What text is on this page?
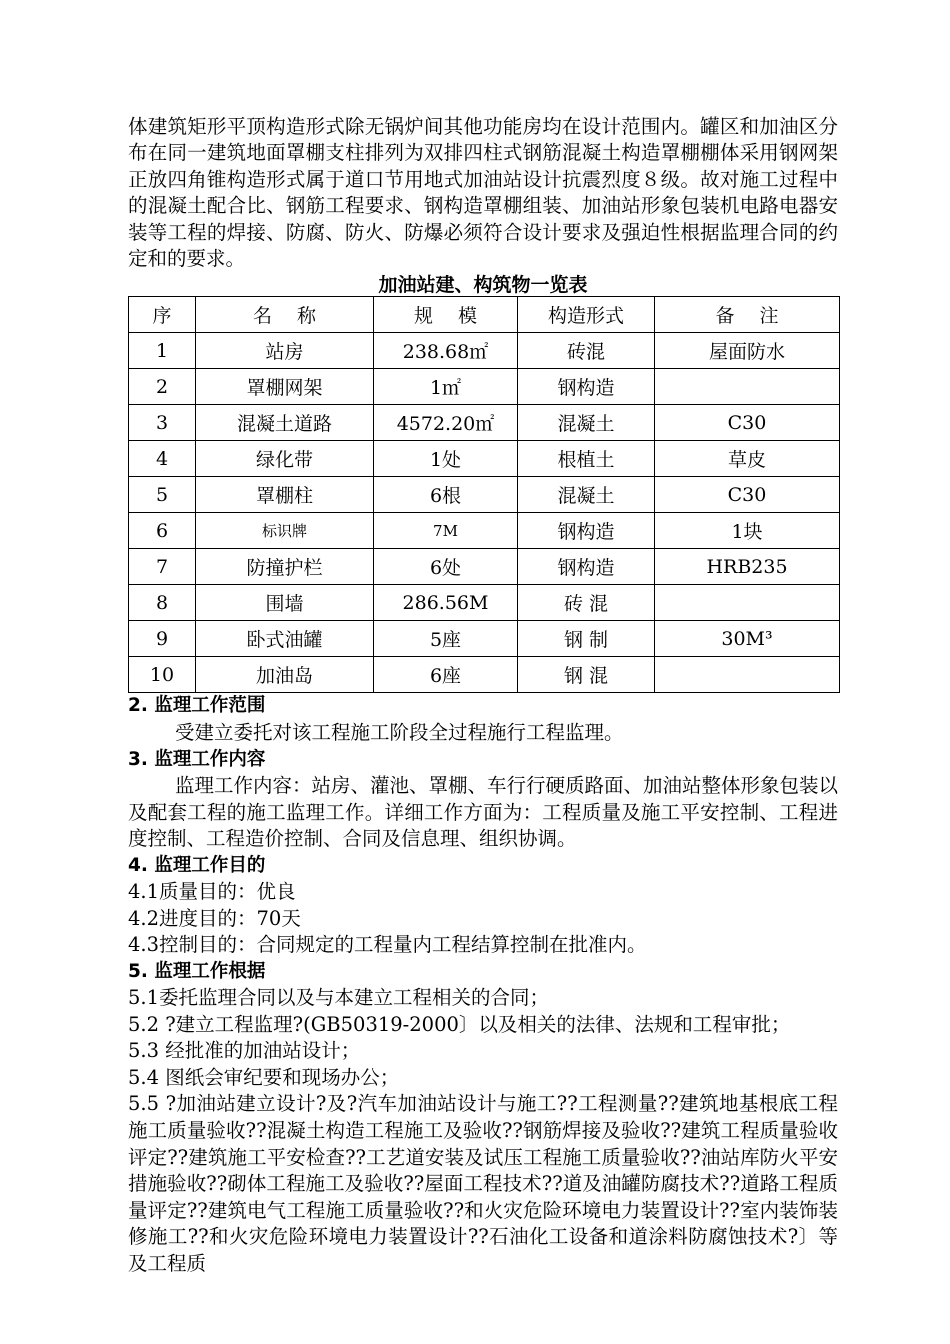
体建筑矩形平顶构造形式除无锅炉间其他功能房均在设计范围内。罐区和加油区分布在同一建筑地面罩棚支柱排列为双排四柱式钢筋混凝土构造罩棚棚体采用钢网架正放四角锥构造形式属于道口节用地式加油站设计抗震烈度８级。故对施工过程中的混凝土配合比、钢筋工程要求、钢构造罩棚组装、加油站形象包装机电路电器安装等工程的焊接、防腐、防火、防爆必须符合设计要求及强迫性根据监理合同的约定和的要求。

加油站建、构筑物一览表

序	名　 称	规　 模	构造形式	备　 注
1	站房	238.68㎡	砖混	屋面防水
2	罩棚网架	1㎡	钢构造	
3	混凝土道路	4572.20㎡	混凝土	C30
4	绿化带	1处	根植土	草皮
5	罩棚柱	6根	混凝土	C30
6	标识牌	7M	钢构造	1块
7	防撞护栏	6处	钢构造	HRB235
8	围墙	286.56M	砖 混	
9	卧式油罐	5座	钢 制	30M³
10	加油岛	6座	钢 混	

2. 监理工作范围

受建立委托对该工程施工阶段全过程施行工程监理。

3. 监理工作内容

监理工作内容：站房、灌池、罩棚、车行行硬质路面、加油站整体形象包装以及配套工程的施工监理工作。详细工作方面为：工程质量及施工平安控制、工程进度控制、工程造价控制、合同及信息理、组织协调。

4. 监理工作目的

4.1质量目的：优良

4.2进度目的：70天

4.3控制目的：合同规定的工程量内工程结算控制在批准内。

5. 监理工作根据

5.1委托监理合同以及与本建立工程相关的合同；

5.2 ?建立工程监理?(GB50319-2000〕以及相关的法律、法规和工程审批；

5.3 经批准的加油站设计；

5.4 图纸会审纪要和现场办公；

5.5 ?加油站建立设计?及?汽车加油站设计与施工??工程测量??建筑地基根底工程施工质量验收??混凝土构造工程施工及验收??钢筋焊接及验收??建筑工程质量验收评定??建筑施工平安检查??工艺道安装及试压工程施工质量验收??油站库防火平安措施验收??砌体工程施工及验收??屋面工程技术??道及油罐防腐技术??道路工程质量评定??建筑电气工程施工质量验收??和火灾危险环境电力装置设计??室内装饰装修施工??和火灾危险环境电力装置设计??石油化工设备和道涂料防腐蚀技术?〕等及工程质
